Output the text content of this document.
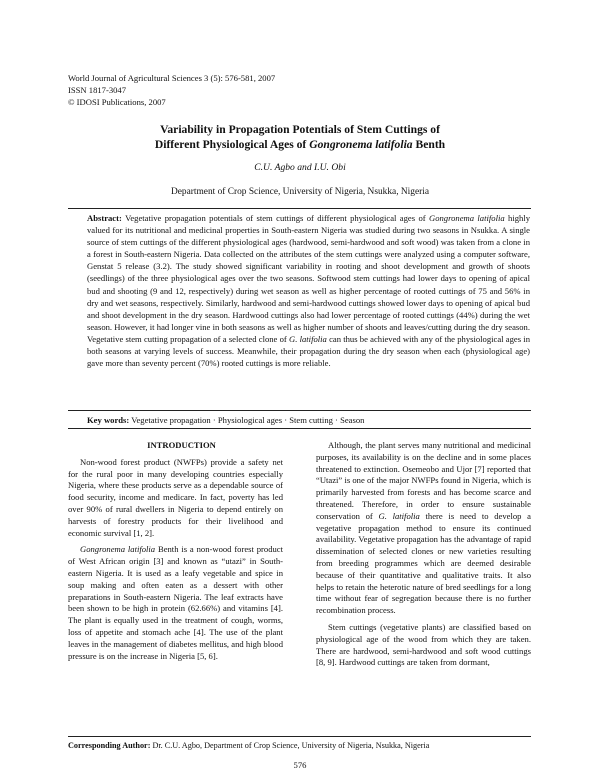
World Journal of Agricultural Sciences 3 (5): 576-581, 2007
ISSN 1817-3047
© IDOSI Publications, 2007
Variability in Propagation Potentials of Stem Cuttings of
Different Physiological Ages of Gongronema latifolia Benth
C.U. Agbo and I.U. Obi
Department of Crop Science, University of Nigeria, Nsukka, Nigeria
Abstract: Vegetative propagation potentials of stem cuttings of different physiological ages of Gongronema latifolia highly valued for its nutritional and medicinal properties in South-eastern Nigeria was studied during two seasons in Nsukka. A single source of stem cuttings of the different physiological ages (hardwood, semi-hardwood and soft wood) was taken from a clone in a forest in South-eastern Nigeria. Data collected on the attributes of the stem cuttings were analyzed using a computer software, Genstat 5 release (3.2). The study showed significant variability in rooting and shoot development and growth of shoots (seedlings) of the three physiological ages over the two seasons. Softwood stem cuttings had lower days to opening of apical bud and shooting (9 and 12, respectively) during wet season as well as higher percentage of rooted cuttings of 75 and 56% in dry and wet seasons, respectively. Similarly, hardwood and semi-hardwood cuttings showed lower days to opening of apical bud and shoot development in the dry season. Hardwood cuttings also had lower percentage of rooted cuttings (44%) during the wet season. However, it had longer vine in both seasons as well as higher number of shoots and leaves/cutting during the dry season. Vegetative stem cutting propagation of a selected clone of G. latifolia can thus be achieved with any of the physiological ages in both seasons at varying levels of success. Meanwhile, their propagation during the dry season when each (physiological age) gave more than seventy percent (70%) rooted cuttings is more reliable.
Key words: Vegetative propagation · Physiological ages · Stem cutting · Season

INTRODUCTION

Non-wood forest product (NWFPs) provide a safety net for the rural poor in many developing countries especially Nigeria, where these products serve as a dependable source of food security, income and medicare. In fact, poverty has led over 90% of rural dwellers in Nigeria to depend entirely on harvests of forestry products for their livelihood and economic survival [1, 2].

Gongronema latifolia Benth is a non-wood forest product of West African origin [3] and known as “utazi” in South-eastern Nigeria. It is used as a leafy vegetable and spice in soup making and often eaten as a dessert with other preparations in South-eastern Nigeria. The leaf extracts have been shown to be high in protein (62.66%) and vitamins [4]. The plant is equally used in the treatment of cough, worms, loss of appetite and stomach ache [4]. The use of the plant leaves in the management of diabetes mellitus, and high blood pressure is on the increase in Nigeria [5, 6].

Although, the plant serves many nutritional and medicinal purposes, its availability is on the decline and in some places threatened to extinction. Osemeobo and Ujor [7] reported that “Utazi” is one of the major NWFPs found in Nigeria, which is primarily harvested from forests and has become scarce and threatened. Therefore, in order to ensure sustainable conservation of G. latifolia there is need to develop a vegetative propagation method to ensure its continued availability. Vegetative propagation has the advantage of rapid dissemination of selected clones or new varieties resulting from breeding programmes which are deemed desirable because of their quantitative and qualitative traits. It also helps to retain the heterotic nature of bred seedlings for a long time without fear of segregation because there is no further recombination process.

Stem cuttings (vegetative plants) are classified based on physiological age of the wood from which they are taken. There are hardwood, semi-hardwood and soft wood cuttings [8, 9]. Hardwood cuttings are taken from dormant,

Corresponding Author: Dr. C.U. Agbo, Department of Crop Science, University of Nigeria, Nsukka, Nigeria
576
